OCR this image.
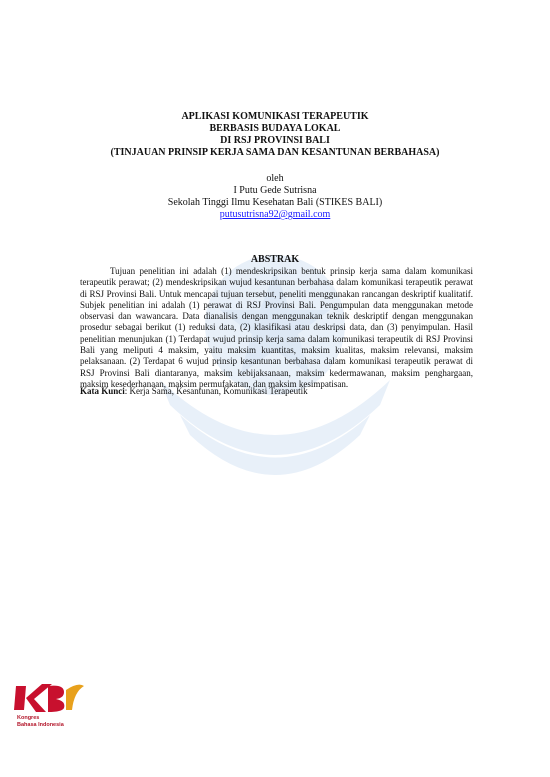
APLIKASI KOMUNIKASI TERAPEUTIK
BERBASIS BUDAYA LOKAL
DI RSJ PROVINSI BALI
(TINJAUAN PRINSIP KERJA SAMA DAN KESANTUNAN BERBAHASA)
oleh
I Putu Gede Sutrisna
Sekolah Tinggi Ilmu Kesehatan Bali (STIKES BALI)
putusutrisna92@gmail.com
ABSTRAK

Tujuan penelitian ini adalah (1) mendeskripsikan bentuk prinsip kerja sama dalam komunikasi terapeutik perawat; (2) mendeskripsikan wujud kesantunan berbahasa dalam komunikasi terapeutik perawat di RSJ Provinsi Bali. Untuk mencapai tujuan tersebut, peneliti menggunakan rancangan deskriptif kualitatif. Subjek penelitian ini adalah (1) perawat di RSJ Provinsi Bali. Pengumpulan data menggunakan metode observasi dan wawancara. Data dianalisis dengan menggunakan teknik deskriptif dengan menggunakan prosedur sebagai berikut (1) reduksi data, (2) klasifikasi atau deskripsi data, dan (3) penyimpulan. Hasil penelitian menunjukan (1) Terdapat wujud prinsip kerja sama dalam komunikasi terapeutik di RSJ Provinsi Bali yang meliputi 4 maksim, yaitu maksim kuantitas, maksim kualitas, maksim relevansi, maksim pelaksanaan. (2) Terdapat 6 wujud prinsip kesantunan berbahasa dalam komunikasi terapeutik perawat di RSJ Provinsi Bali diantaranya, maksim kebijaksanaan, maksim kedermawanan, maksim penghargaan, maksim kesederhanaan, maksim permufakatan, dan maksim kesimpatisan.

Kata Kunci: Kerja Sama, Kesantunan, Komunikasi Terapeutik
Kongres
Bahasa Indonesia
